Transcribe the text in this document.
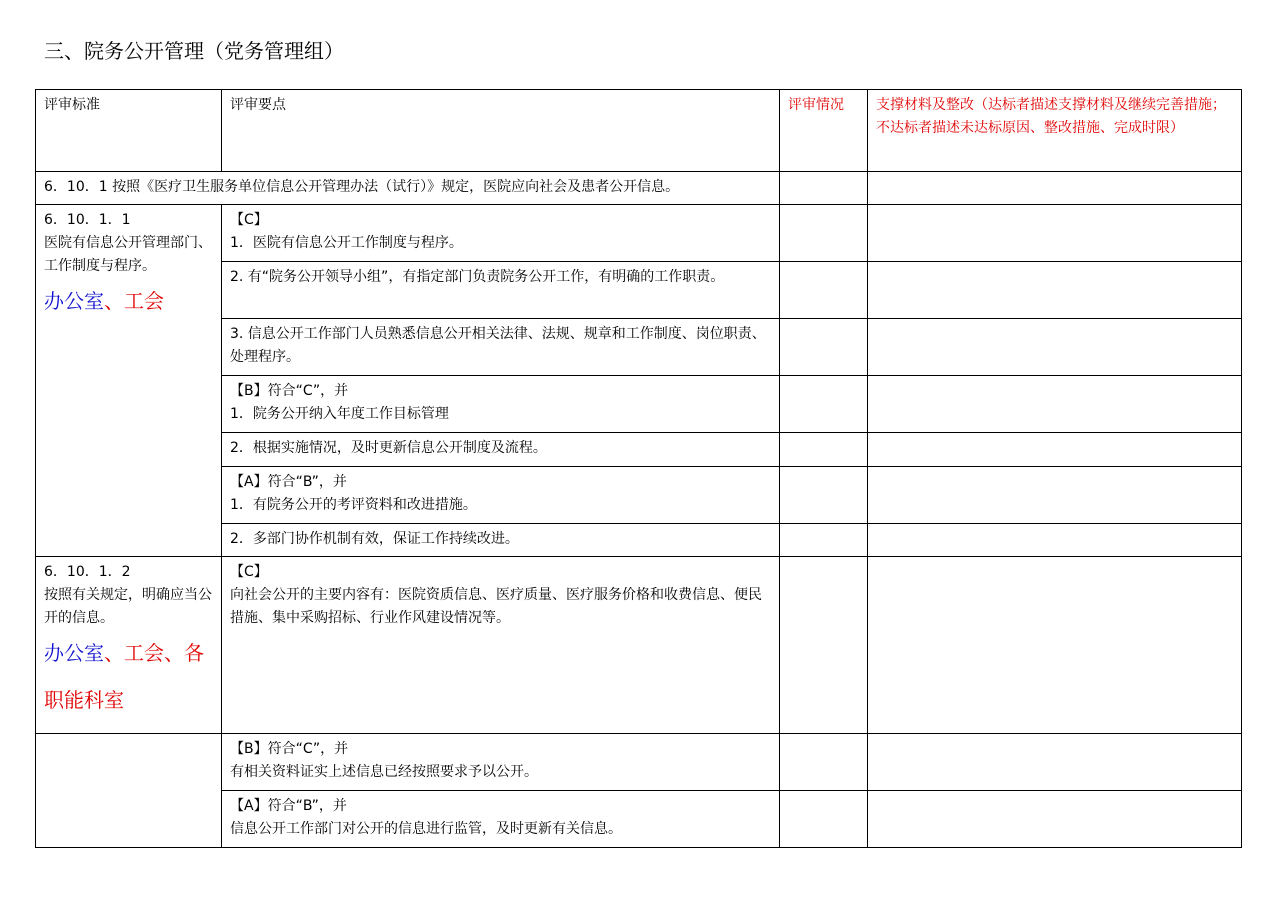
三、院务公开管理（党务管理组）
评审标准	评审要点	评审情况	支撑材料及整改（达标者描述支撑材料及继续完善措施；不达标者描述未达标原因、整改措施、完成时限）
6．10．1 按照《医疗卫生服务单位信息公开管理办法（试行）》规定，医院应向社会及患者公开信息。			

6．10．1．1
医院有信息公开管理部门、工作制度与程序。
办公室、工会	【C】
1．医院有信息公开工作制度与程序。		

	2. 有“院务公开领导小组”，有指定部门负责院务公开工作，有明确的工作职责。		
	3. 信息公开工作部门人员熟悉信息公开相关法律、法规、规章和工作制度、岗位职责、处理程序。		

	【B】符合“C”，并
1．院务公开纳入年度工作目标管理		

	2．根据实施情况，及时更新信息公开制度及流程。		

	【A】符合“B”，并
1．有院务公开的考评资料和改进措施。		

	2．多部门协作机制有效，保证工作持续改进。		

6．10．1．2
按照有关规定，明确应当公开的信息。
办公室、工会、各职能科室	【C】
向社会公开的主要内容有：医院资质信息、医疗质量、医疗服务价格和收费信息、便民措施、集中采购招标、行业作风建设情况等。		

	【B】符合“C”，并
有相关资料证实上述信息已经按照要求予以公开。		

	【A】符合“B”，并
信息公开工作部门对公开的信息进行监管，及时更新有关信息。		
